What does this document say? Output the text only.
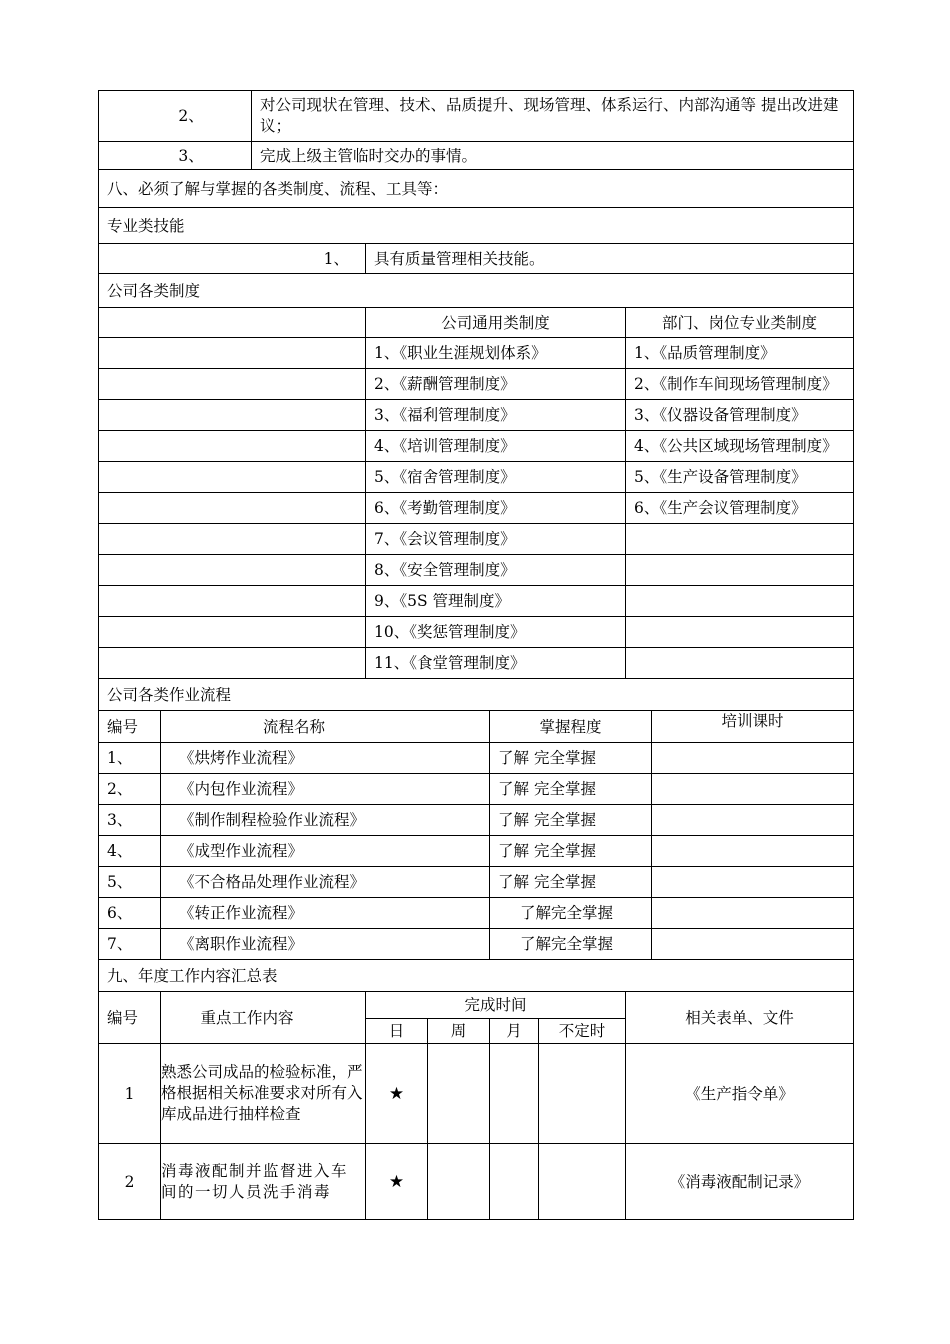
2、		对公司现状在管理、技术、品质提升、现场管理、体系运行、内部沟通等 提出改进建议；						
3、		完成上级主管临时交办的事情。						
八、必须了解与掌握的各类制度、流程、工具等：								
专业类技能								
1、			具有质量管理相关技能。					
公司各类制度								
			公司通用类制度				部门、岗位专业类制度	
			1、《职业生涯规划体系》				1、《品质管理制度》	
			2、《薪酬管理制度》				2、《制作车间现场管理制度》	
			3、《福利管理制度》				3、《仪器设备管理制度》	
			4、《培训管理制度》				4、《公共区域现场管理制度》	
			5、《宿舍管理制度》				5、《生产设备管理制度》	
			6、《考勤管理制度》				6、《生产会议管理制度》	
			7、《会议管理制度》					
			8、《安全管理制度》					
			9、《5S 管理制度》					
			10、《奖惩管理制度》					
			11、《食堂管理制度》					
公司各类作业流程								
编号	流程名称				掌握程度			培训课时
1、	《烘烤作业流程》				了解 完全掌握			
2、	《内包作业流程》				了解 完全掌握			
3、	《制作制程检验作业流程》				了解 完全掌握			
4、	《成型作业流程》				了解 完全掌握			
5、	《不合格品处理作业流程》				了解 完全掌握			
6、	《转正作业流程》				了解完全掌握			
7、	《离职作业流程》				了解完全掌握			
九、年度工作内容汇总表								
编号	重点工作内容		完成时间				相关表单、文件	
			日	周	月	不定时		
1	熟悉公司成品的检验标准，严格根据相关标准要求对所有入库成品进行抽样检查		★				《生产指令单》	
2	消毒液配制并监督进入车间的一切人员洗手消毒		★				《消毒液配制记录》	
